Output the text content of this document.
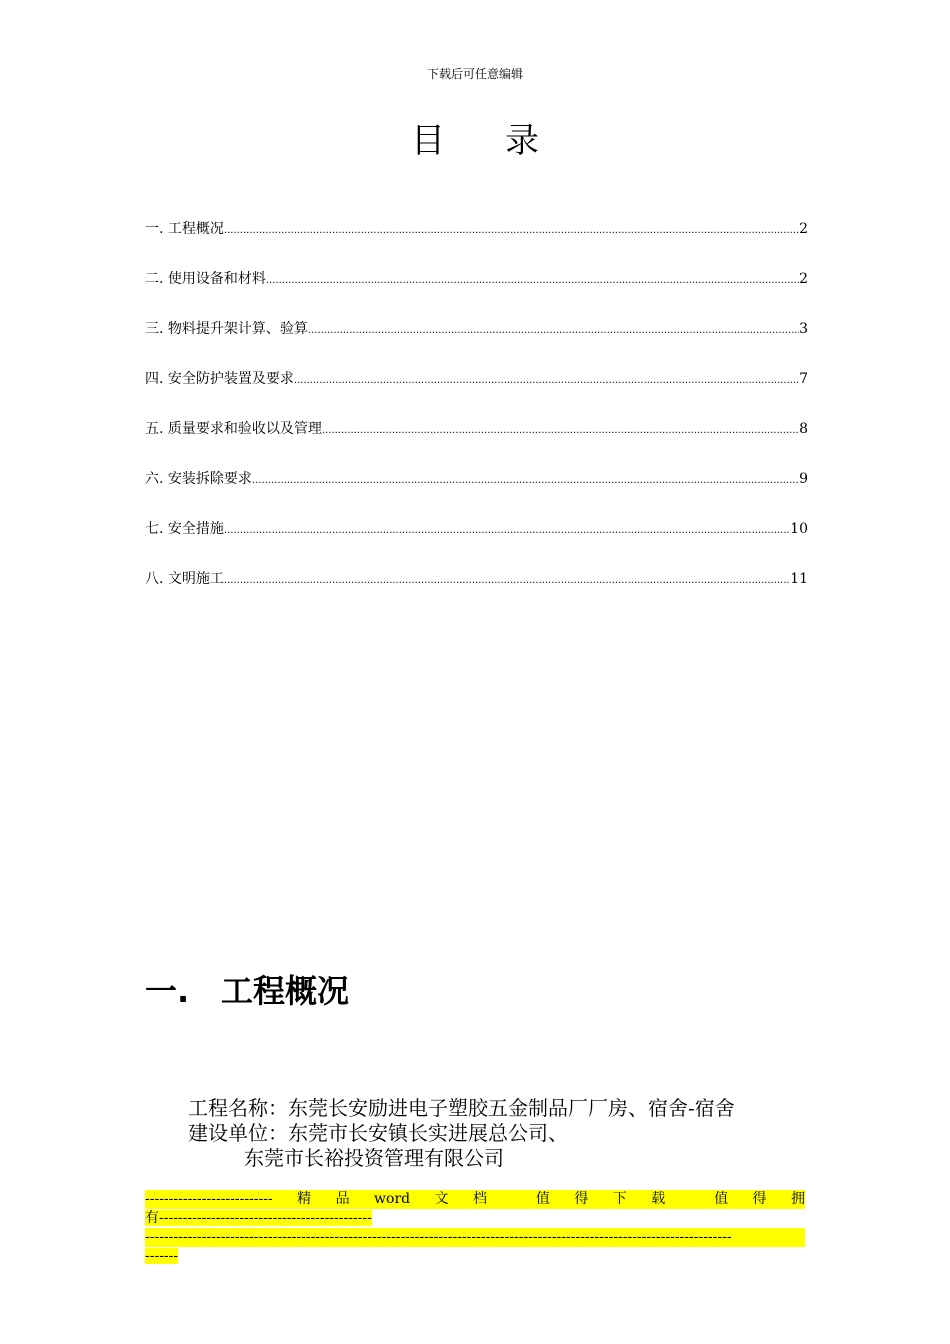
下载后可任意编辑
目 录
一. 工程概况 .....	2
二. 使用设备和材料 .....	2
三. 物料提升架计算、验算 .....	3
四. 安全防护装置及要求 .....	7
五. 质量要求和验收以及管理 .....	8
六. 安装拆除要求 .....	9
七. 安全措施 .....	10
八. 文明施工 .....	11
一. 工程概况
工程名称：东莞长安励进电子塑胶五金制品厂厂房、宿舍-宿舍
建设单位：东莞市长安镇长实进展总公司、
东莞市长裕投资管理有限公司
--------------------------- 精 品 word 文 档	值 得 下 载	值 得 拥
有---------------------------------------------
----------------------------------------------------------------------------------------------------------------------------
-------
